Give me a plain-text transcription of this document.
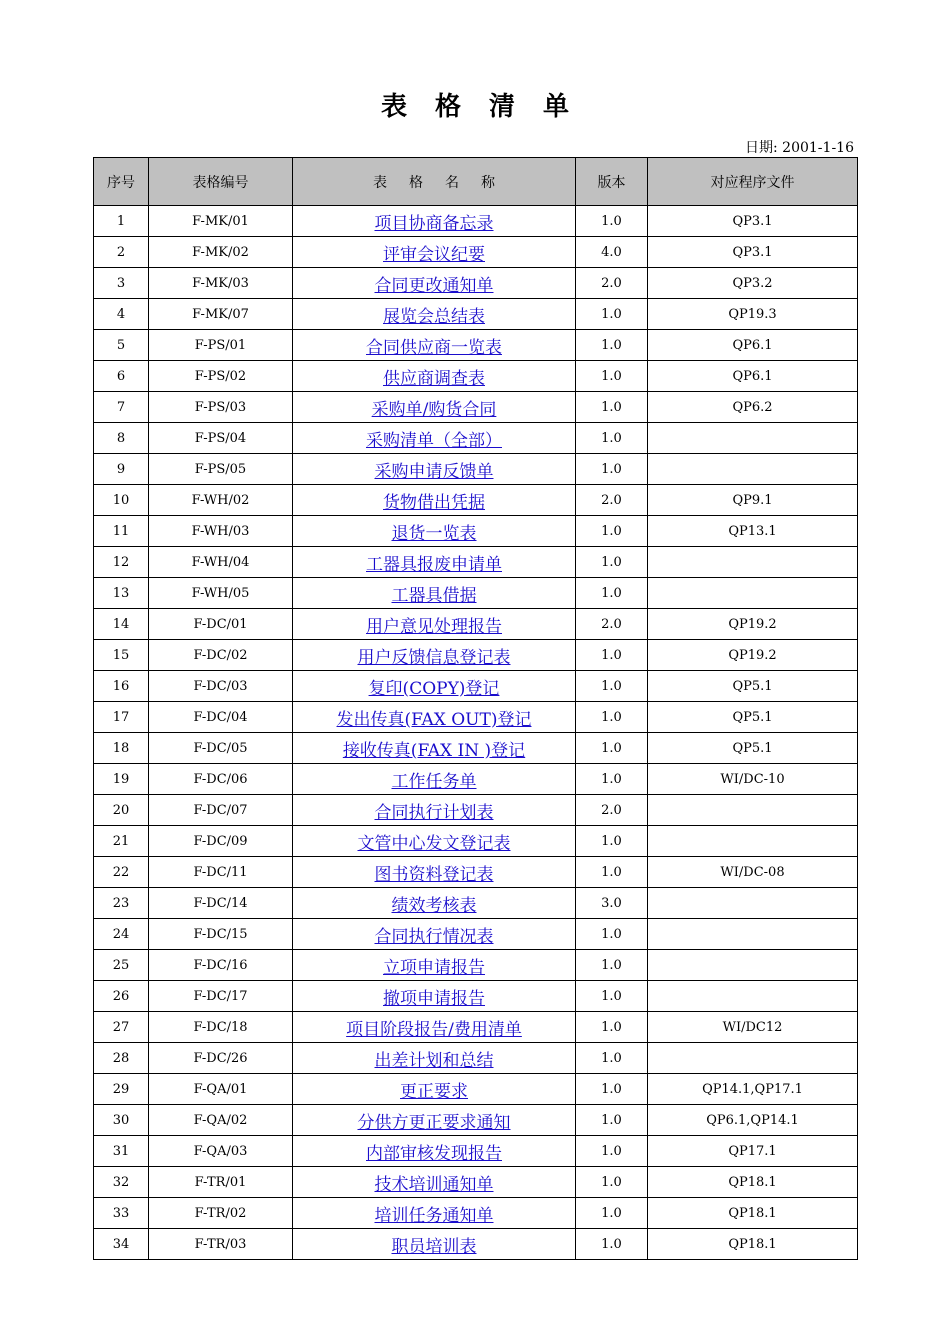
表格清单
日期: 2001-1-16
序号	表格编号	表格名称	版本	对应程序文件
1	F-MK/01	项目协商备忘录	1.0	QP3.1
2	F-MK/02	评审会议纪要	4.0	QP3.1
3	F-MK/03	合同更改通知单	2.0	QP3.2
4	F-MK/07	展览会总结表	1.0	QP19.3
5	F-PS/01	合同供应商一览表	1.0	QP6.1
6	F-PS/02	供应商调查表	1.0	QP6.1
7	F-PS/03	采购单/购货合同	1.0	QP6.2
8	F-PS/04	采购清单（全部）	1.0	
9	F-PS/05	采购申请反馈单	1.0	
10	F-WH/02	货物借出凭据	2.0	QP9.1
11	F-WH/03	退货一览表	1.0	QP13.1
12	F-WH/04	工器具报废申请单	1.0	
13	F-WH/05	工器具借据	1.0	
14	F-DC/01	用户意见处理报告	2.0	QP19.2
15	F-DC/02	用户反馈信息登记表	1.0	QP19.2
16	F-DC/03	复印(COPY)登记	1.0	QP5.1
17	F-DC/04	发出传真(FAX OUT)登记	1.0	QP5.1
18	F-DC/05	接收传真(FAX IN )登记	1.0	QP5.1
19	F-DC/06	工作任务单	1.0	WI/DC-10
20	F-DC/07	合同执行计划表	2.0	
21	F-DC/09	文管中心发文登记表	1.0	
22	F-DC/11	图书资料登记表	1.0	WI/DC-08
23	F-DC/14	绩效考核表	3.0	
24	F-DC/15	合同执行情况表	1.0	
25	F-DC/16	立项申请报告	1.0	
26	F-DC/17	撤项申请报告	1.0	
27	F-DC/18	项目阶段报告/费用清单	1.0	WI/DC12
28	F-DC/26	出差计划和总结	1.0	
29	F-QA/01	更正要求	1.0	QP14.1,QP17.1
30	F-QA/02	分供方更正要求通知	1.0	QP6.1,QP14.1
31	F-QA/03	内部审核发现报告	1.0	QP17.1
32	F-TR/01	技术培训通知单	1.0	QP18.1
33	F-TR/02	培训任务通知单	1.0	QP18.1
34	F-TR/03	职员培训表	1.0	QP18.1
